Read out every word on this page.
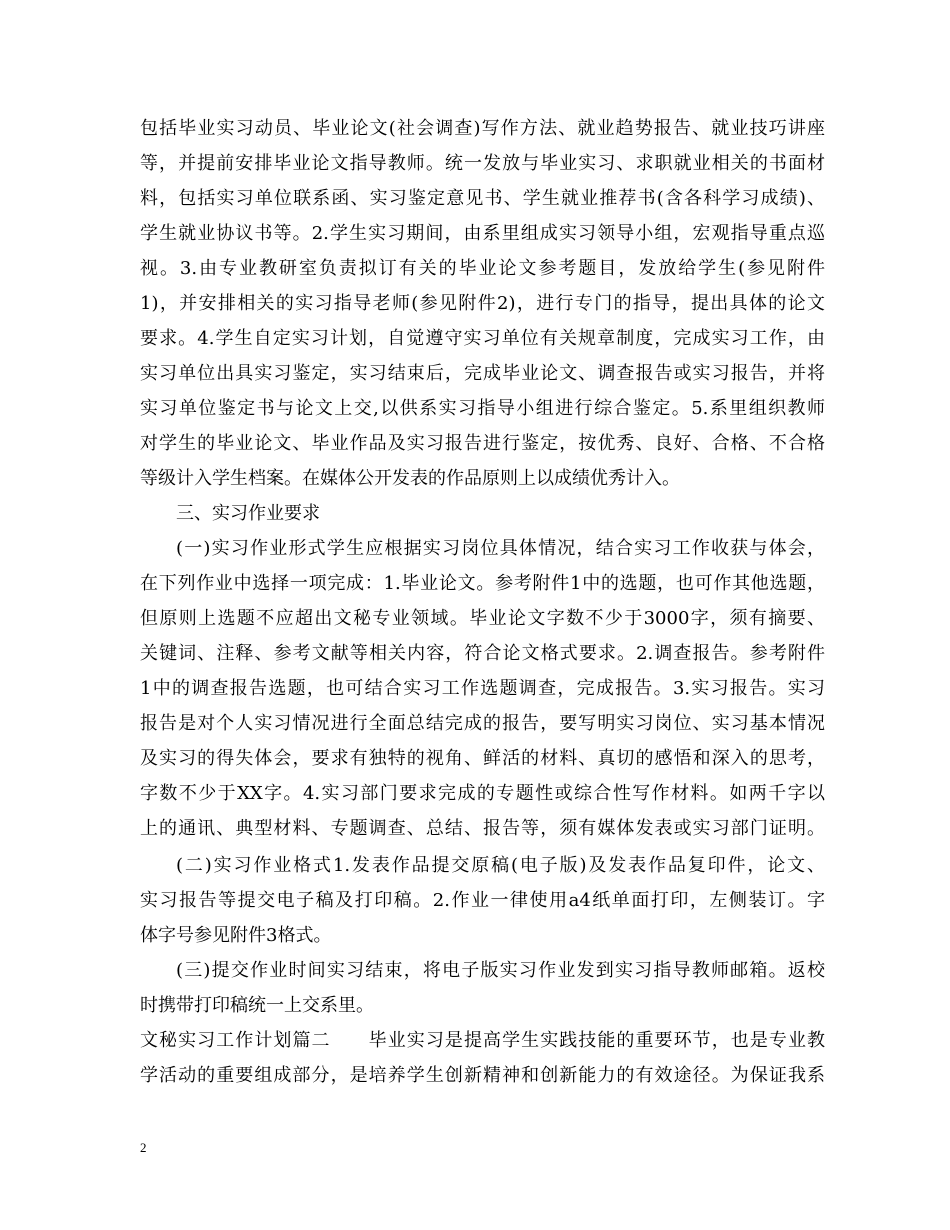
包括毕业实习动员、毕业论文(社会调查)写作方法、就业趋势报告、就业技巧讲座
等，并提前安排毕业论文指导教师。统一发放与毕业实习、求职就业相关的书面材
料，包括实习单位联系函、实习鉴定意见书、学生就业推荐书(含各科学习成绩)、
学生就业协议书等。2.学生实习期间，由系里组成实习领导小组，宏观指导重点巡
视。3.由专业教研室负责拟订有关的毕业论文参考题目，发放给学生(参见附件
1)，并安排相关的实习指导老师(参见附件2)，进行专门的指导，提出具体的论文
要求。4.学生自定实习计划，自觉遵守实习单位有关规章制度，完成实习工作，由
实习单位出具实习鉴定，实习结束后，完成毕业论文、调查报告或实习报告，并将
实习单位鉴定书与论文上交,以供系实习指导小组进行综合鉴定。5.系里组织教师
对学生的毕业论文、毕业作品及实习报告进行鉴定，按优秀、良好、合格、不合格
等级计入学生档案。在媒体公开发表的作品原则上以成绩优秀计入。
三、实习作业要求
(一)实习作业形式学生应根据实习岗位具体情况，结合实习工作收获与体会，
在下列作业中选择一项完成：1.毕业论文。参考附件1中的选题，也可作其他选题，
但原则上选题不应超出文秘专业领域。毕业论文字数不少于3000字，须有摘要、
关键词、注释、参考文献等相关内容，符合论文格式要求。2.调查报告。参考附件
1中的调查报告选题，也可结合实习工作选题调查，完成报告。3.实习报告。实习
报告是对个人实习情况进行全面总结完成的报告，要写明实习岗位、实习基本情况
及实习的得失体会，要求有独特的视角、鲜活的材料、真切的感悟和深入的思考，
字数不少于XX字。4.实习部门要求完成的专题性或综合性写作材料。如两千字以
上的通讯、典型材料、专题调查、总结、报告等，须有媒体发表或实习部门证明。
(二)实习作业格式1.发表作品提交原稿(电子版)及发表作品复印件，论文、
实习报告等提交电子稿及打印稿。2.作业一律使用a4纸单面打印，左侧装订。字
体字号参见附件3格式。
(三)提交作业时间实习结束，将电子版实习作业发到实习指导教师邮箱。返校
时携带打印稿统一上交系里。
文秘实习工作计划篇二　　毕业实习是提高学生实践技能的重要环节，也是专业教
学活动的重要组成部分，是培养学生创新精神和创新能力的有效途径。为保证我系
2
